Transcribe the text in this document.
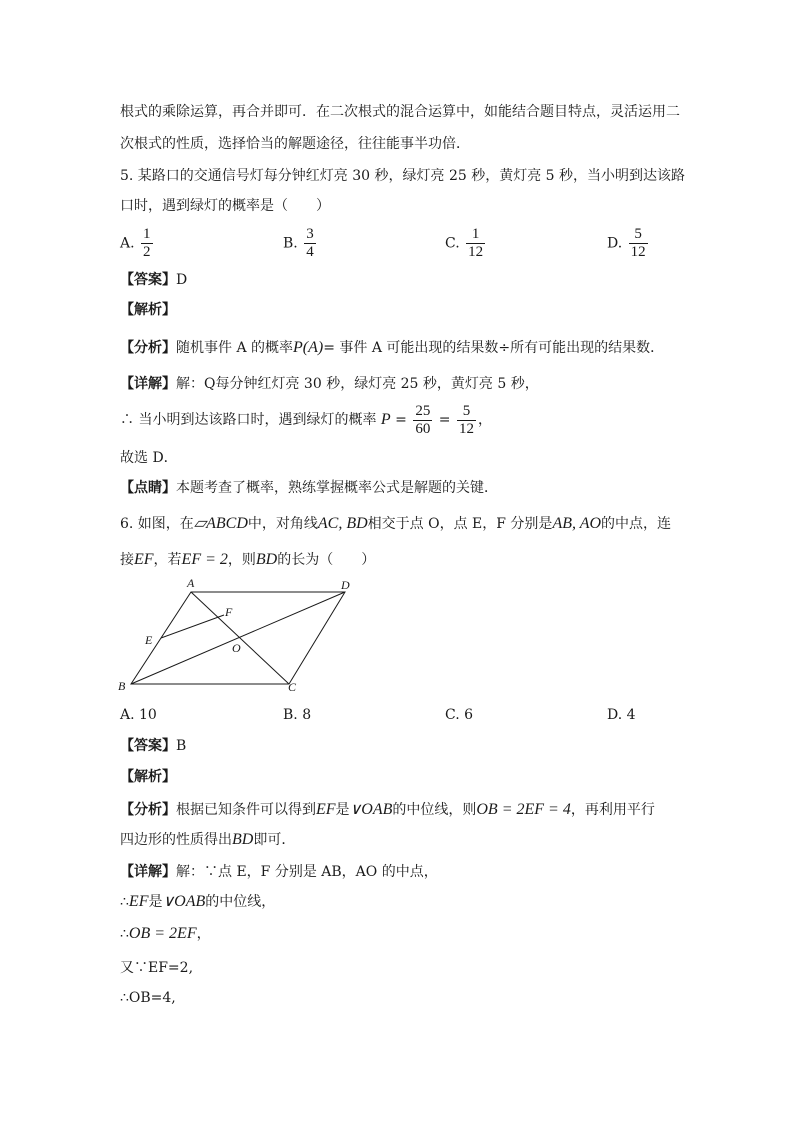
根式的乘除运算，再合并即可．在二次根式的混合运算中，如能结合题目特点，灵活运用二
次根式的性质，选择恰当的解题途径，往往能事半功倍．
5. 某路口的交通信号灯每分钟红灯亮 30 秒，绿灯亮 25 秒，黄灯亮 5 秒，当小明到达该路
口时，遇到绿灯的概率是（　　）
A. $\frac{1}{2}$	B. $\frac{3}{4}$	C. $\frac{1}{12}$	D. $\frac{5}{12}$
【答案】D
【解析】
【分析】随机事件 A 的概率P(A)= 事件 A 可能出现的结果数÷所有可能出现的结果数．
【详解】解：Q每分钟红灯亮 30 秒，绿灯亮 25 秒，黄灯亮 5 秒，
∴ 当小明到达该路口时，遇到绿灯的概率 $P = \frac{25}{60} = \frac{5}{12}$ ，
故选 D．
【点睛】本题考查了概率，熟练掌握概率公式是解题的关键．
6. 如图，在▱ABCD中，对角线AC, BD相交于点 O，点 E，F 分别是AB, AO的中点，连
接EF，若EF = 2，则BD的长为（　　）
A	D
F
E
O
B	C
A. 10	B. 8	C. 6	D. 4
【答案】B
【解析】
【分析】根据已知条件可以得到EF是∨OAB的中位线，则OB = 2EF = 4，再利用平行
四边形的性质得出BD即可．
【详解】解：∵点 E，F 分别是 AB，AO 的中点，
∴EF是∨OAB的中位线，
∴OB = 2EF，
又∵EF=2,
∴OB=4,
